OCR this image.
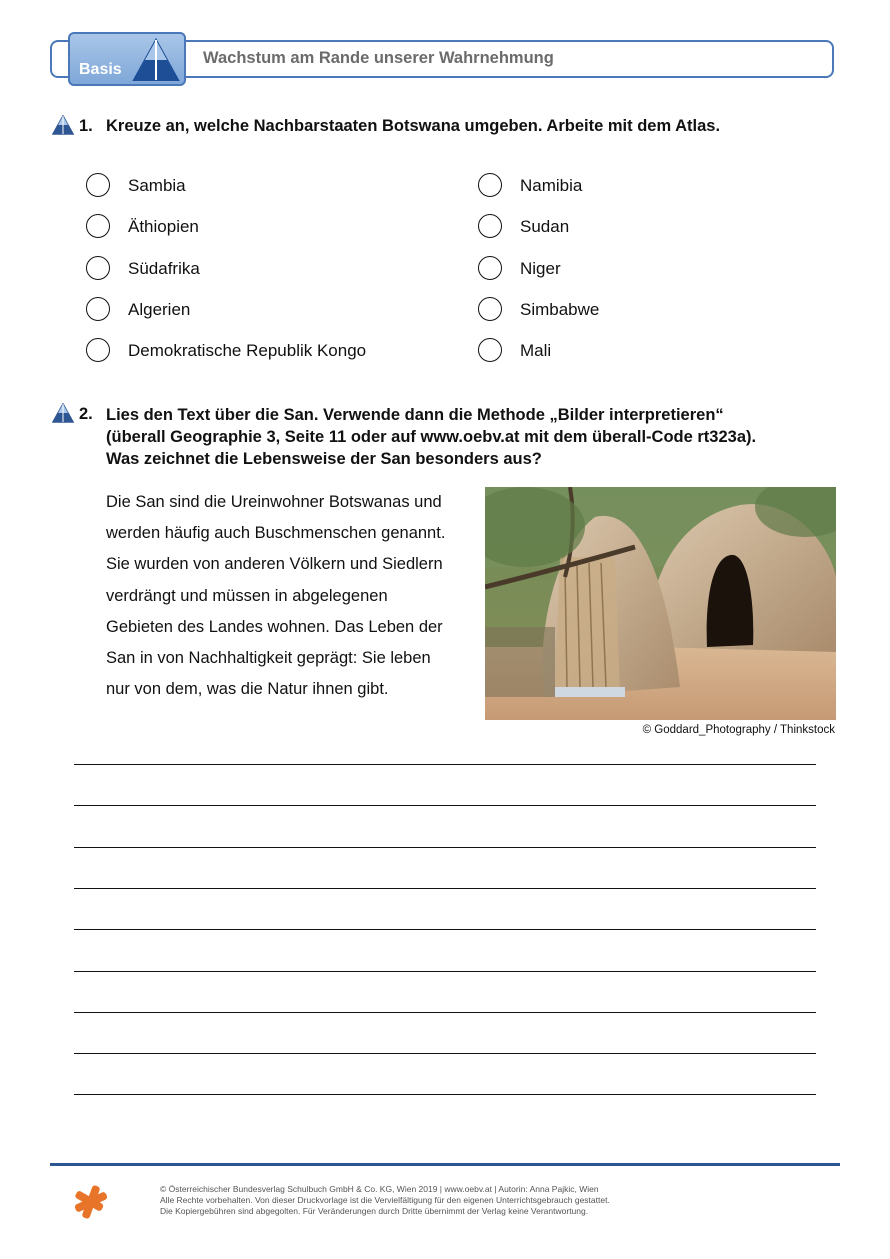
Basis
Wachstum am Rande unserer Wahrnehmung
1. Kreuze an, welche Nachbarstaaten Botswana umgeben. Arbeite mit dem Atlas.
Sambia
Äthiopien
Südafrika
Algerien
Demokratische Republik Kongo
Namibia
Sudan
Niger
Simbabwe
Mali
2. Lies den Text über die San. Verwende dann die Methode „Bilder interpretieren“
(überall Geographie 3, Seite 11 oder auf www.oebv.at mit dem überall-Code rt323a).
Was zeichnet die Lebensweise der San besonders aus?
Die San sind die Ureinwohner Botswanas und
werden häufig auch Buschmenschen genannt.
Sie wurden von anderen Völkern und Siedlern
verdrängt und müssen in abgelegenen
Gebieten des Landes wohnen. Das Leben der
San in von Nachhaltigkeit geprägt: Sie leben
nur von dem, was die Natur ihnen gibt.
© Goddard_Photography / Thinkstock
© Österreichischer Bundesverlag Schulbuch GmbH & Co. KG, Wien 2019 | www.oebv.at | Autorin: Anna Pajkic, Wien
Alle Rechte vorbehalten. Von dieser Druckvorlage ist die Vervielfältigung für den eigenen Unterrichtsgebrauch gestattet.
Die Kopiergebühren sind abgegolten. Für Veränderungen durch Dritte übernimmt der Verlag keine Verantwortung.
